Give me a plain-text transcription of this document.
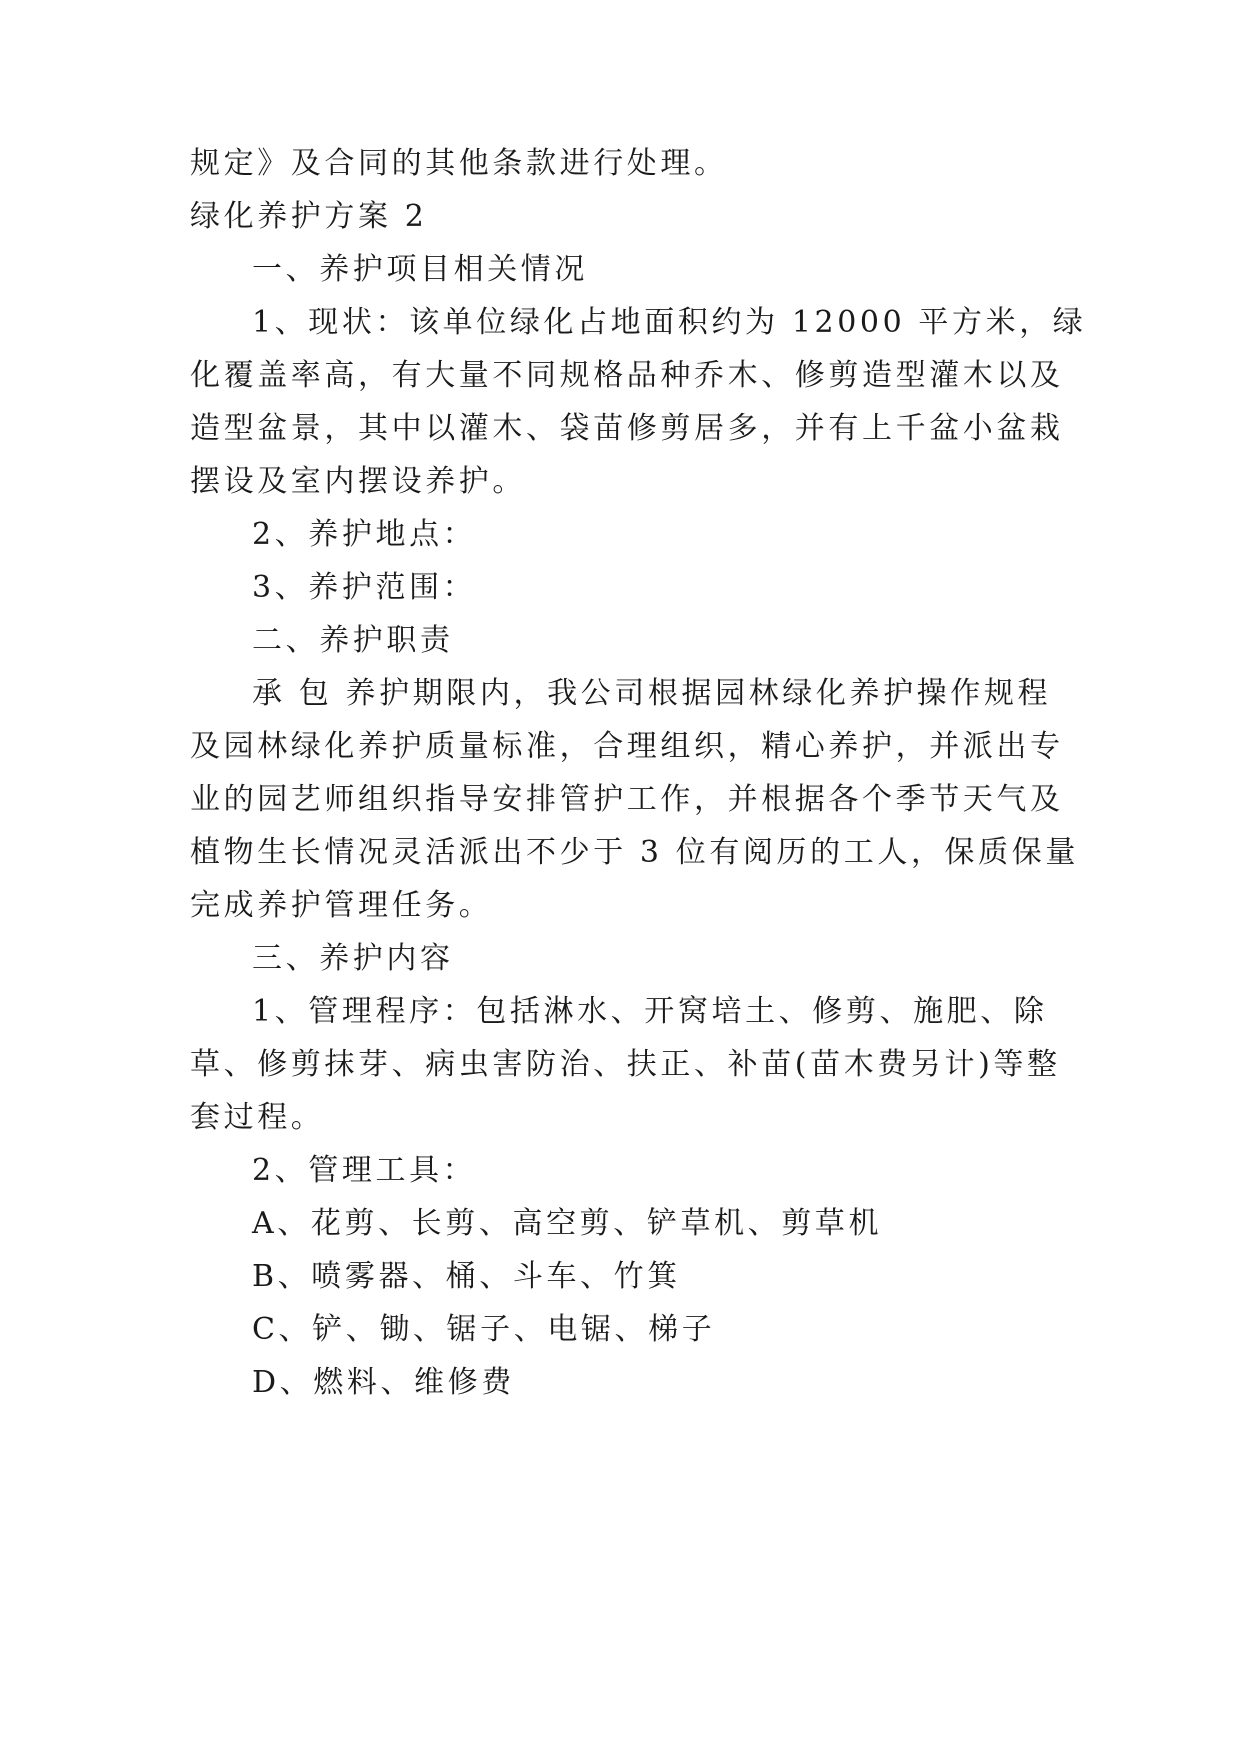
规定》及合同的其他条款进行处理。
绿化养护方案 2
一、养护项目相关情况
1、现状：该单位绿化占地面积约为 12000 平方米，绿
化覆盖率高，有大量不同规格品种乔木、修剪造型灌木以及
造型盆景，其中以灌木、袋苗修剪居多，并有上千盆小盆栽
摆设及室内摆设养护。
2、养护地点：
3、养护范围：
二、养护职责
承 包 养护期限内，我公司根据园林绿化养护操作规程
及园林绿化养护质量标准，合理组织，精心养护，并派出专
业的园艺师组织指导安排管护工作，并根据各个季节天气及
植物生长情况灵活派出不少于 3 位有阅历的工人，保质保量
完成养护管理任务。
三、养护内容
1、管理程序：包括淋水、开窝培土、修剪、施肥、除
草、修剪抹芽、病虫害防治、扶正、补苗(苗木费另计)等整
套过程。
2、管理工具：
A、花剪、长剪、高空剪、铲草机、剪草机
B、喷雾器、桶、斗车、竹箕
C、铲、锄、锯子、电锯、梯子
D、燃料、维修费
